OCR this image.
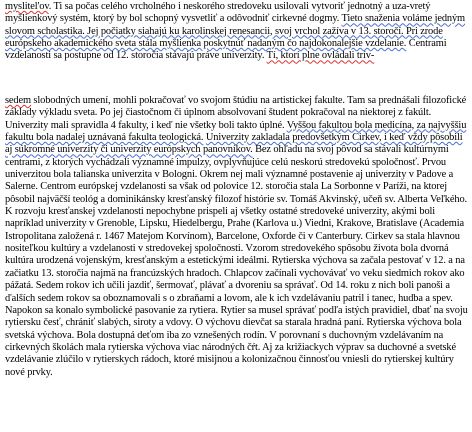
myslitel'ov. Ti sa počas celého vrcholného i neskorého stredoveku usilovali vytvoriť jednotný a uza-vretý myšlienkový systém, ktorý by bol schopný vysvetliť a odôvodniť cirkevné dogmy. Tieto snaženia voláme jedným slovom scholastika. Jej počiatky siahajú ku karolinskej renesancii, svoj vrchol zažíva v 13. storočí. Pri zrode európskeho akademického sveta stála myšlienka poskytnúť nadaným čo najdokonalejšie vzdelanie. Centrami vzdelanosti sa postupne od 12. storočia stávajú práve univerzity. Tí, ktorí plne ovládali trív-

sedem slobodných umení, mohli pokračovať vo svojom štúdiu na artistickej fakulte. Tam sa prednášali filozofické základy výkladu sveta. Po jej čiastočnom či úplnom absolvovaní študent pokračoval na niektorej z fakúlt. Univerzity mali spravidla 4 fakulty, i keď nie všetky boli takto úplné. Vyššou fakultou bola medicína, za najvyššiu fakultu bola nadalej uznávaná fakulta teologická. Univerzity zakladala predovšetkým Cirkev, i keď vždy pôsobili aj súkromné univerzity či univerzity európskych panovníkov. Bez ohľadu na svoj pôvod sa stávali kultúrnymi centrami, z ktorých vychádzali významné impulzy, ovplyvňujúce celú neskorú stredovekú spoločnosť. Prvou univerzitou bola talianska univerzita v Bologni. Okrem nej mali významné postavenie aj univerzity v Padove a Salerne. Centrom európskej vzdelanosti sa však od polovice 12. storočia stala La Sorbonne v Paríži, na ktorej pôsobil najväčší teológ a dominikánsky kresťanský filozof histórie sv. Tomáš Akvinský, učeň sv. Alberta Veľkého. K rozvoju kresťanskej vzdelanosti nepochybne prispeli aj všetky ostatné stredoveké univerzity, akými boli napríklad univerzity v Grenoble, Lipsku, Hiedelbergu, Prahe (Karlova u.) Viedni, Krakove, Bratislave (Academia Istropolitana založená r. 1467 Matejom Korvínom), Barcelone, Oxforde či v Canterbury. Cirkev sa stala hlavnou nositeľkou kultúry a vzdelanosti v stredovekej spoločnosti. Vzorom stredovekého spôsobu života bola dvorná kultúra urodzená vojenským, kresťanským a estetickými ideálmi. Rytierska výchova sa začala pestovať v 12. a na začiatku 13. storočia najmä na francúzských hradoch. Chlapcov začínali vychovávať vo veku siedmich rokov ako pážatá. Sedem rokov ich učili jazdiť, šermovať, plávať a dvoreniu sa správať. Od 14. roku z nich boli panoši a ďalších sedem rokov sa oboznamovali s o zbraňami a lovom, ale k ich vzdelávaniu patril i tanec, hudba a spev. Napokon sa konalo symbolické pasovanie za rytiera. Rytier sa musel správať podľa istých pravidiel, dbať na svoju rytiersku česť, chrániť slabých, siroty a vdovy. O výchovu dievčat sa starala hradná paní. Rytierska výchova bola svetská výchova. Bola dostupná deťom iba zo vznešených rodín. V porovnaní s duchovným vzdelávaním na cirkevných školách mala rytierska výchova viac národných čŕt. Aj za križiackych výprav sa duchovné a svetské vzdelávanie zlúčilo v rytierskych rádoch, ktoré misijnou a kolonizačnou činnosťou vniesli do rytierskej kultúry nové prvky.
